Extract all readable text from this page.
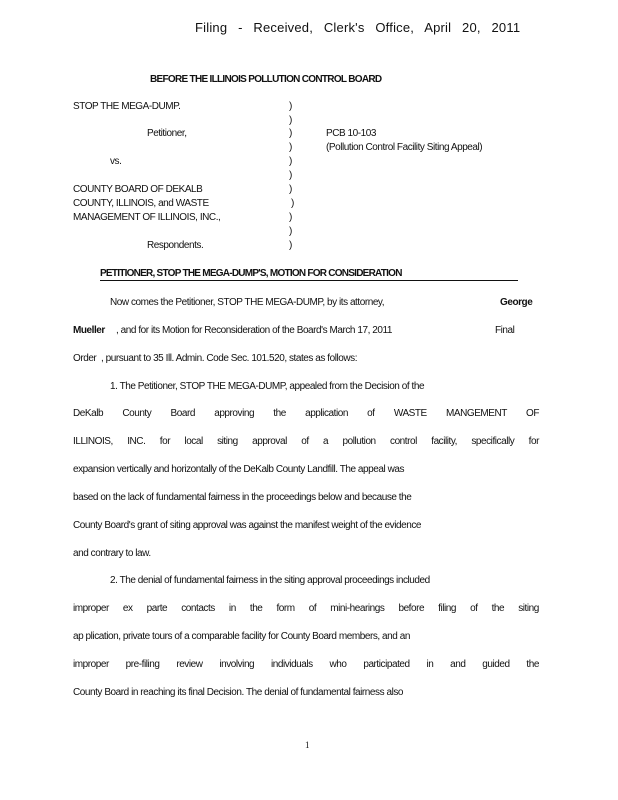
Filing - Received, Clerk's Office, April 20, 2011
BEFORE THE ILLINOIS POLLUTION CONTROL BOARD
STOP THE MEGA-DUMP.
Petitioner,
vs.
COUNTY BOARD OF DEKALB
COUNTY, ILLINOIS, and WASTE
MANAGEMENT OF ILLINOIS, INC.,
Respondents.
)
)
)
)
)
)
)
)
)
)
)
PCB 10-103
(Pollution Control Facility Siting Appeal)
PETITIONER, STOP THE MEGA-DUMP'S, MOTION FOR CONSIDERATION
Now comes the Petitioner, STOP THE MEGA-DUMP, by its attorney,	George
Mueller , and for its Motion for Reconsideration of the Board's March 17, 2011	Final
Order , pursuant to 35 Ill. Admin. Code Sec. 101.520, states as follows:
1. The Petitioner, STOP THE MEGA-DUMP, appealed from the Decision of the
DeKalb County Board approving the application of WASTE MANGEMENT OF
ILLINOIS, INC. for local siting approval of a pollution control facility, specifically for
expansion vertically and horizontally of the DeKalb County Landfill. The appeal was
based on the lack of fundamental fairness in the proceedings below and because the
County Board's grant of siting approval was against the manifest weight of the evidence
and contrary to law.
2. The denial of fundamental fairness in the siting approval proceedings included
improper ex parte contacts in the form of mini-hearings before filing of the siting
ap plication, private tours of a comparable facility for County Board members, and an
improper pre-filing review involving individuals who participated in and guided the
County Board in reaching its final Decision. The denial of fundamental fairness also
1
